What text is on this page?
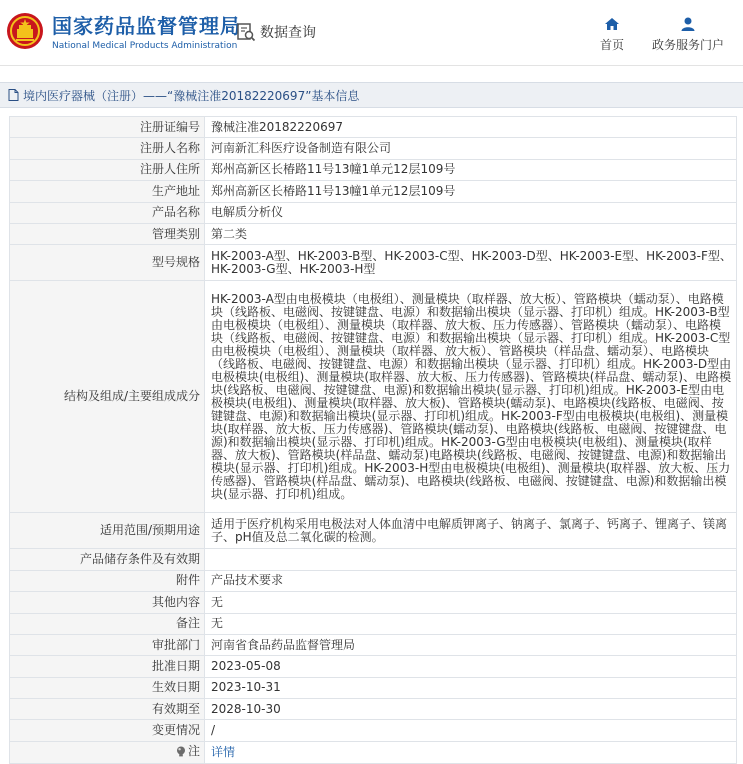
国家药品监督管理局
National Medical Products Administration
数据查询
首页 政务服务门户
境内医疗器械（注册）——“豫械注准20182220697”基本信息
注册证编号	豫械注准20182220697
注册人名称	河南新汇科医疗设备制造有限公司
注册人住所	郑州高新区长椿路11号13幢1单元12层109号
生产地址	郑州高新区长椿路11号13幢1单元12层109号
产品名称	电解质分析仪
管理类别	第二类
型号规格	HK-2003-A型、HK-2003-B型、HK-2003-C型、HK-2003-D型、HK-2003-E型、HK-2003-F型、HK-2003-G型、HK-2003-H型
结构及组成/主要组成成分	HK-2003-A型由电极模块（电极组）、测量模块（取样器、放大板）、管路模块（蠕动泵）、电路模块（线路板、电磁阀、按键键盘、电源）和数据输出模块（显示器、打印机）组成。HK-2003-B型由电极模块（电极组）、测量模块（取样器、放大板、压力传感器）、管路模块（蠕动泵）、电路模块（线路板、电磁阀、按键键盘、电源）和数据输出模块（显示器、打印机）组成。HK-2003-C型由电极模块（电极组）、测量模块（取样器、放大板）、管路模块（样品盘、蠕动泵）、电路模块（线路板、电磁阀、按键键盘、电源）和数据输出模块（显示器、打印机）组成。HK-2003-D型由电极模块(电极组)、测量模块(取样器、放大板、压力传感器)、管路模块(样品盘、蠕动泵)、电路模块(线路板、电磁阀、按键键盘、电源)和数据输出模块(显示器、打印机)组成。HK-2003-E型由电极模块(电极组)、测量模块(取样器、放大板)、管路模块(蠕动泵)、电路模块(线路板、电磁阀、按键键盘、电源)和数据输出模块(显示器、打印机)组成。HK-2003-F型由电极模块(电极组)、测量模块(取样器、放大板、压力传感器)、管路模块(蠕动泵)、电路模块(线路板、电磁阀、按键键盘、电源)和数据输出模块(显示器、打印机)组成。HK-2003-G型由电极模块(电极组)、测量模块(取样器、放大板)、管路模块(样品盘、蠕动泵)电路模块(线路板、电磁阀、按键键盘、电源)和数据输出模块(显示器、打印机)组成。HK-2003-H型由电极模块(电极组)、测量模块(取样器、放大板、压力传感器)、管路模块(样品盘、蠕动泵)、电路模块(线路板、电磁阀、按键键盘、电源)和数据输出模块(显示器、打印机)组成。
适用范围/预期用途	适用于医疗机构采用电极法对人体血清中电解质钾离子、钠离子、氯离子、钙离子、锂离子、镁离子、pH值及总二氧化碳的检测。
产品储存条件及有效期	
附件	产品技术要求
其他内容	无
备注	无
审批部门	河南省食品药品监督管理局
批准日期	2023-05-08
生效日期	2023-10-31
有效期至	2028-10-30
变更情况	/

注	详情
